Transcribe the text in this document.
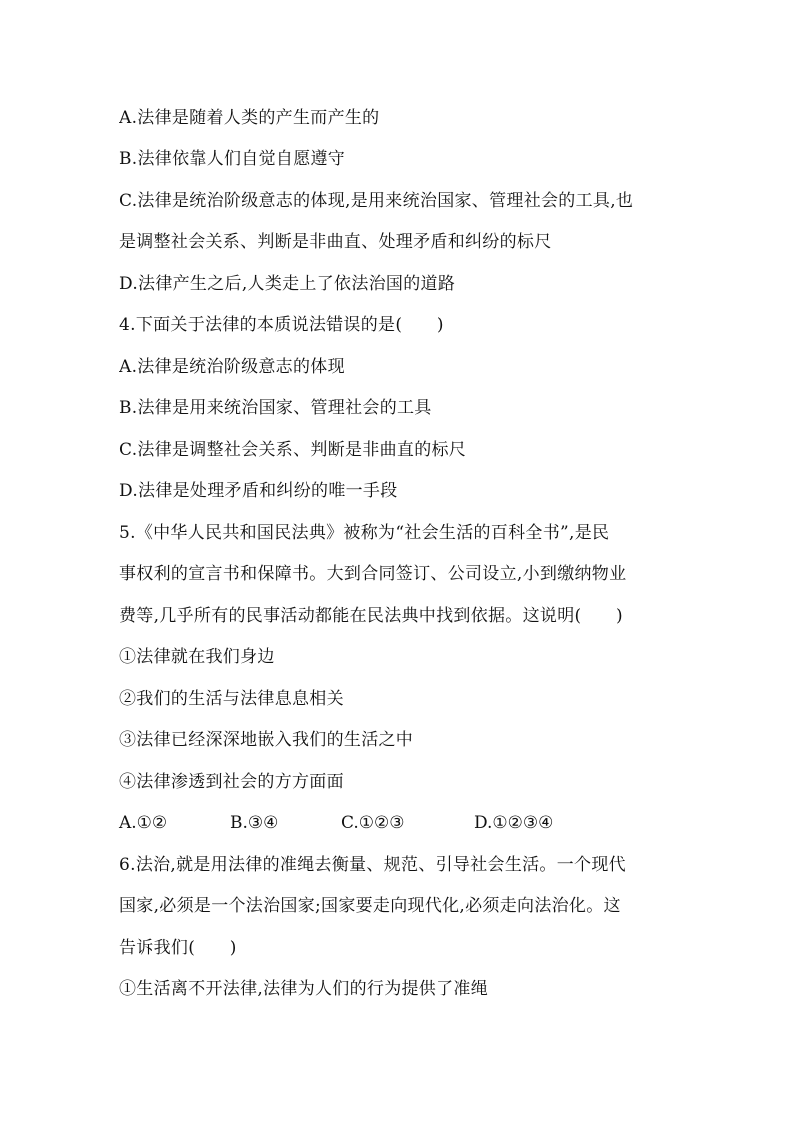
A.法律是随着人类的产生而产生的
B.法律依靠人们自觉自愿遵守
C.法律是统治阶级意志的体现,是用来统治国家、管理社会的工具,也
是调整社会关系、判断是非曲直、处理矛盾和纠纷的标尺
D.法律产生之后,人类走上了依法治国的道路
4.下面关于法律的本质说法错误的是(　　)
A.法律是统治阶级意志的体现
B.法律是用来统治国家、管理社会的工具
C.法律是调整社会关系、判断是非曲直的标尺
D.法律是处理矛盾和纠纷的唯一手段
5.《中华人民共和国民法典》被称为“社会生活的百科全书”,是民
事权利的宣言书和保障书。大到合同签订、公司设立,小到缴纳物业
费等,几乎所有的民事活动都能在民法典中找到依据。这说明(　　)
①法律就在我们身边
②我们的生活与法律息息相关
③法律已经深深地嵌入我们的生活之中
④法律渗透到社会的方方面面
A.①②	B.③④	C.①②③	D.①②③④
6.法治,就是用法律的准绳去衡量、规范、引导社会生活。一个现代
国家,必须是一个法治国家;国家要走向现代化,必须走向法治化。这
告诉我们(　　)
①生活离不开法律,法律为人们的行为提供了准绳
